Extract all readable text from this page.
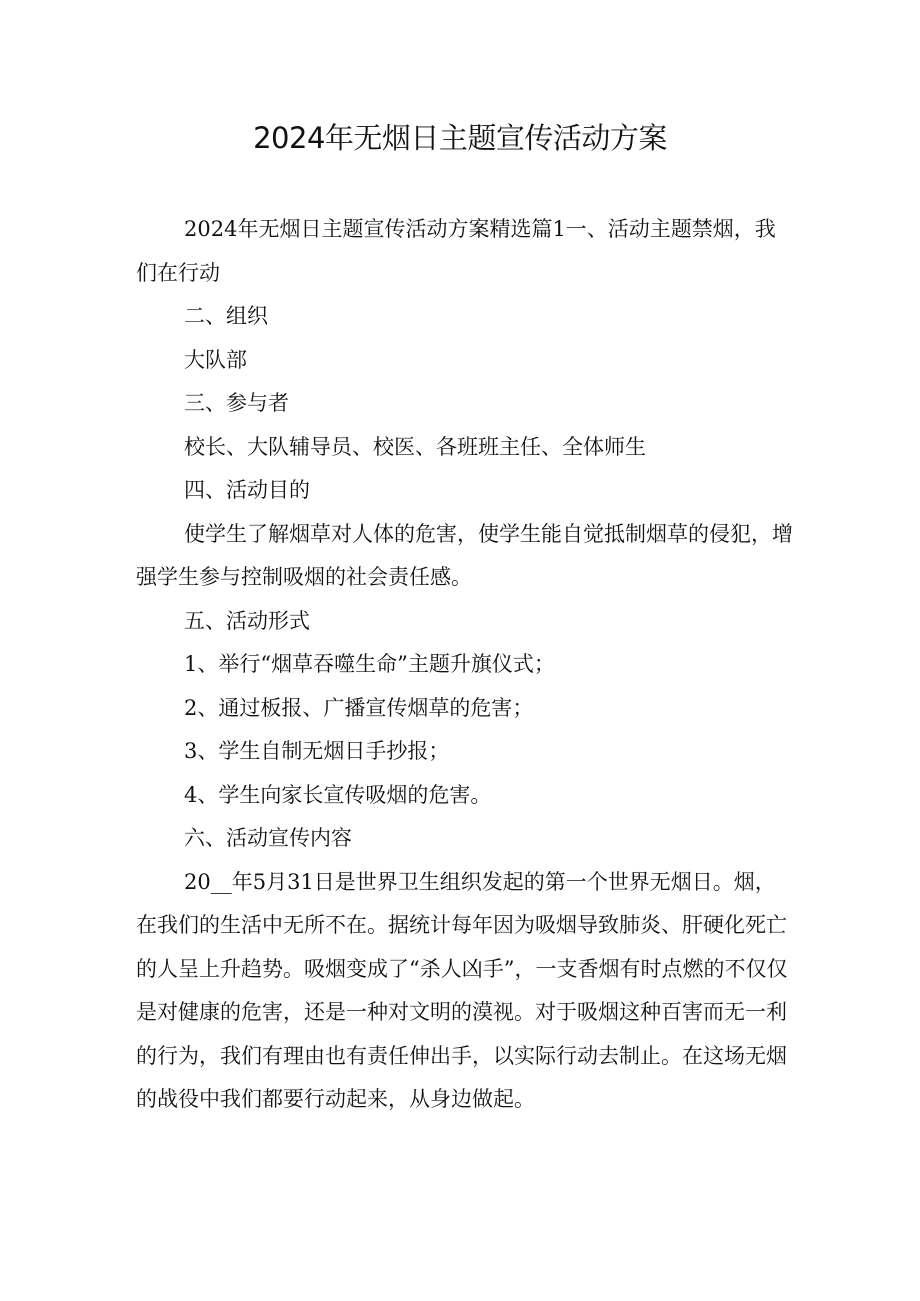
2024年无烟日主题宣传活动方案

2024年无烟日主题宣传活动方案精选篇1一、活动主题禁烟，我们在行动

二、组织

大队部

三、参与者

校长、大队辅导员、校医、各班班主任、全体师生

四、活动目的

使学生了解烟草对人体的危害，使学生能自觉抵制烟草的侵犯，增强学生参与控制吸烟的社会责任感。

五、活动形式

1、举行“烟草吞噬生命”主题升旗仪式；

2、通过板报、广播宣传烟草的危害；

3、学生自制无烟日手抄报；

4、学生向家长宣传吸烟的危害。

六、活动宣传内容

20__年5月31日是世界卫生组织发起的第一个世界无烟日。烟，在我们的生活中无所不在。据统计每年因为吸烟导致肺炎、肝硬化死亡的人呈上升趋势。吸烟变成了“杀人凶手”，一支香烟有时点燃的不仅仅是对健康的危害，还是一种对文明的漠视。对于吸烟这种百害而无一利的行为，我们有理由也有责任伸出手，以实际行动去制止。在这场无烟的战役中我们都要行动起来，从身边做起。
